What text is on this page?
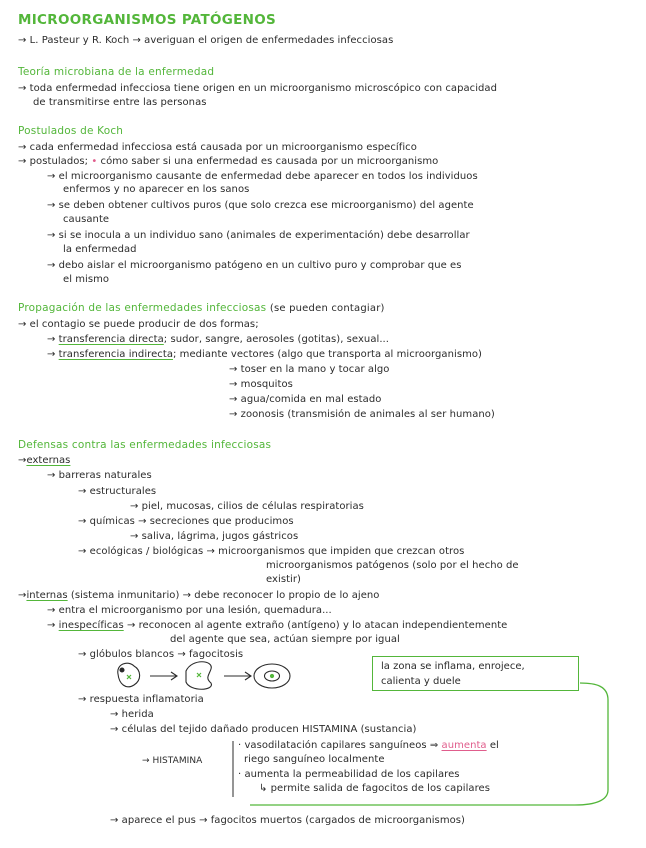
MICROORGANISMOS PATÓGENOS
→ L. Pasteur y R. Koch → averiguan el origen de enfermedades infecciosas
Teoría microbiana de la enfermedad
→ toda enfermedad infecciosa tiene origen en un microorganismo microscópico con capacidad
de transmitirse entre las personas
Postulados de Koch
→ cada enfermedad infecciosa está causada por un microorganismo específico
→ postulados; • cómo saber si una enfermedad es causada por un microorganismo
→ el microorganismo causante de enfermedad debe aparecer en todos los individuos
enfermos y no aparecer en los sanos
→ se deben obtener cultivos puros (que solo crezca ese microorganismo) del agente
causante
→ si se inocula a un individuo sano (animales de experimentación) debe desarrollar
la enfermedad
→ debo aislar el microorganismo patógeno en un cultivo puro y comprobar que es
el mismo
Propagación de las enfermedades infecciosas (se pueden contagiar)
→ el contagio se puede producir de dos formas;
→ transferencia directa; sudor, sangre, aerosoles (gotitas), sexual...
→ transferencia indirecta; mediante vectores (algo que transporta al microorganismo)
→ toser en la mano y tocar algo
→ mosquitos
→ agua/comida en mal estado
→ zoonosis (transmisión de animales al ser humano)
Defensas contra las enfermedades infecciosas
→externas
→ barreras naturales
→ estructurales
→ piel, mucosas, cilios de células respiratorias
→ químicas → secreciones que producimos
→ saliva, lágrima, jugos gástricos
→ ecológicas / biológicas → microorganismos que impiden que crezcan otros
microorganismos patógenos (solo por el hecho de
existir)
→internas (sistema inmunitario) → debe reconocer lo propio de lo ajeno
→ entra el microorganismo por una lesión, quemadura...
→ inespecíficas → reconocen al agente extraño (antígeno) y lo atacan independientemente
del agente que sea, actúan siempre por igual
→ glóbulos blancos → fagocitosis
la zona se inflama, enrojece,
calienta y duele
→ respuesta inflamatoria
→ herida
→ células del tejido dañado producen HISTAMINA (sustancia)
→ HISTAMINA
· vasodilatación capilares sanguíneos ⇒ aumenta el
riego sanguíneo localmente
· aumenta la permeabilidad de los capilares
↳ permite salida de fagocitos de los capilares
→ aparece el pus → fagocitos muertos (cargados de microorganismos)
